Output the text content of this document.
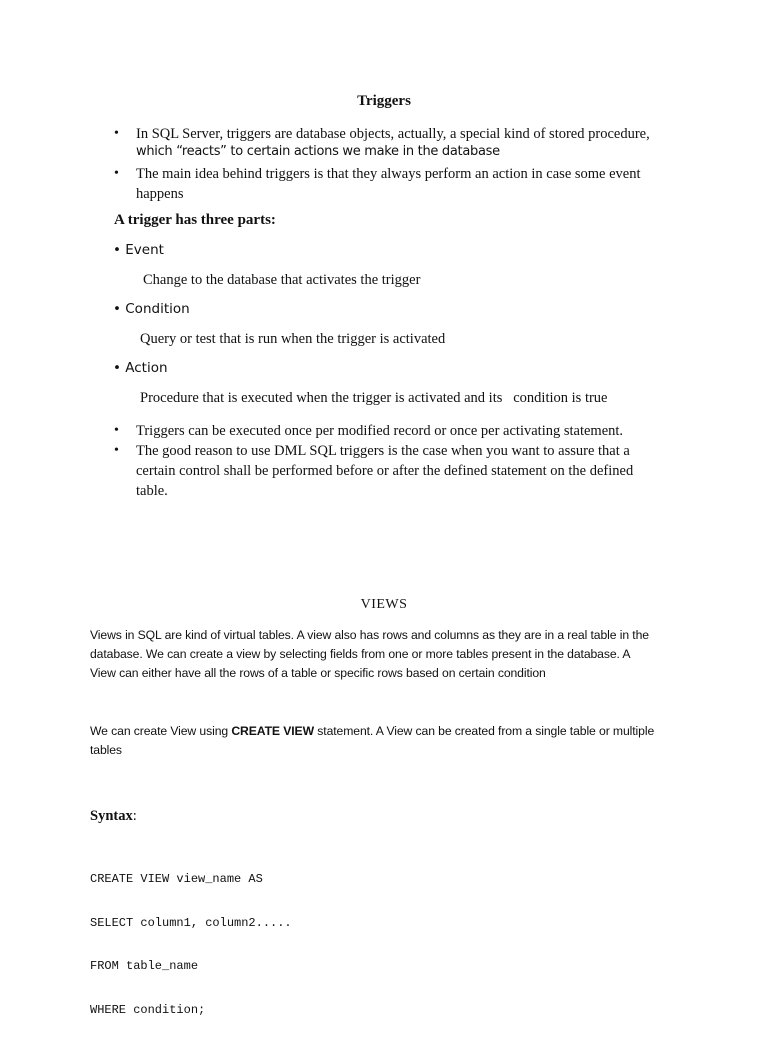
Triggers
• In SQL Server, triggers are database objects, actually, a special kind of stored procedure,
which “reacts” to certain actions we make in the database
• The main idea behind triggers is that they always perform an action in case some event
happens
A trigger has three parts:
• Event
Change to the database that activates the trigger
• Condition
Query or test that is run when the trigger is activated
• Action
Procedure that is executed when the trigger is activated and its   condition is true
• Triggers can be executed once per modified record or once per activating statement.
• The good reason to use DML SQL triggers is the case when you want to assure that a
certain control shall be performed before or after the defined statement on the defined
table.
VIEWS
Views in SQL are kind of virtual tables. A view also has rows and columns as they are in a real table in the
database. We can create a view by selecting fields from one or more tables present in the database. A
View can either have all the rows of a table or specific rows based on certain condition
We can create View using CREATE VIEW statement. A View can be created from a single table or multiple
tables
Syntax:

CREATE VIEW view_name AS

SELECT column1, column2.....

FROM table_name

WHERE condition;
